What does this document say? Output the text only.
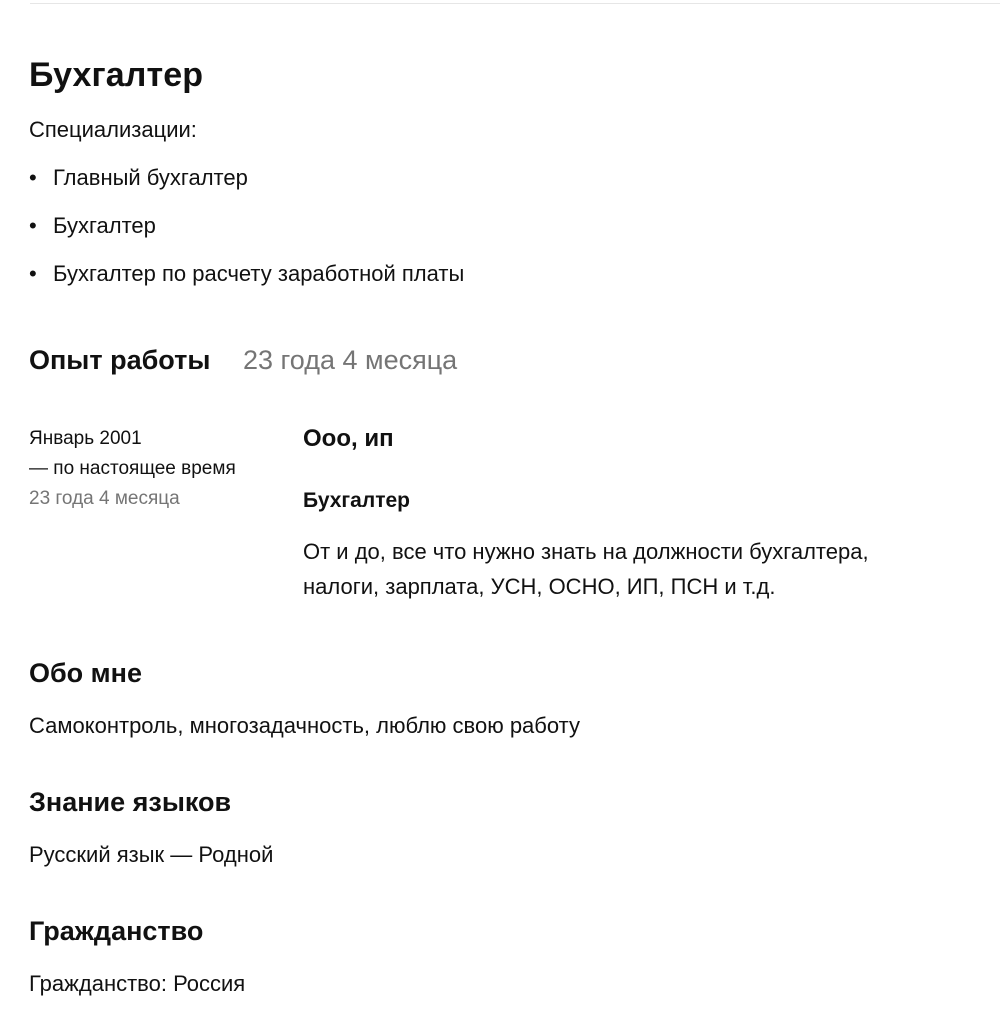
Бухгалтер
Специализации:
• Главный бухгалтер
• Бухгалтер
• Бухгалтер по расчету заработной платы
Опыт работы 23 года 4 месяца
Январь 2001
— по настоящее время
23 года 4 месяца
Ооо, ип
Бухгалтер
От и до, все что нужно знать на должности бухгалтера,
налоги, зарплата, УСН, ОСНО, ИП, ПСН и т.д.
Обо мне
Самоконтроль, многозадачность, люблю свою работу
Знание языков
Русский язык — Родной
Гражданство
Гражданство: Россия
